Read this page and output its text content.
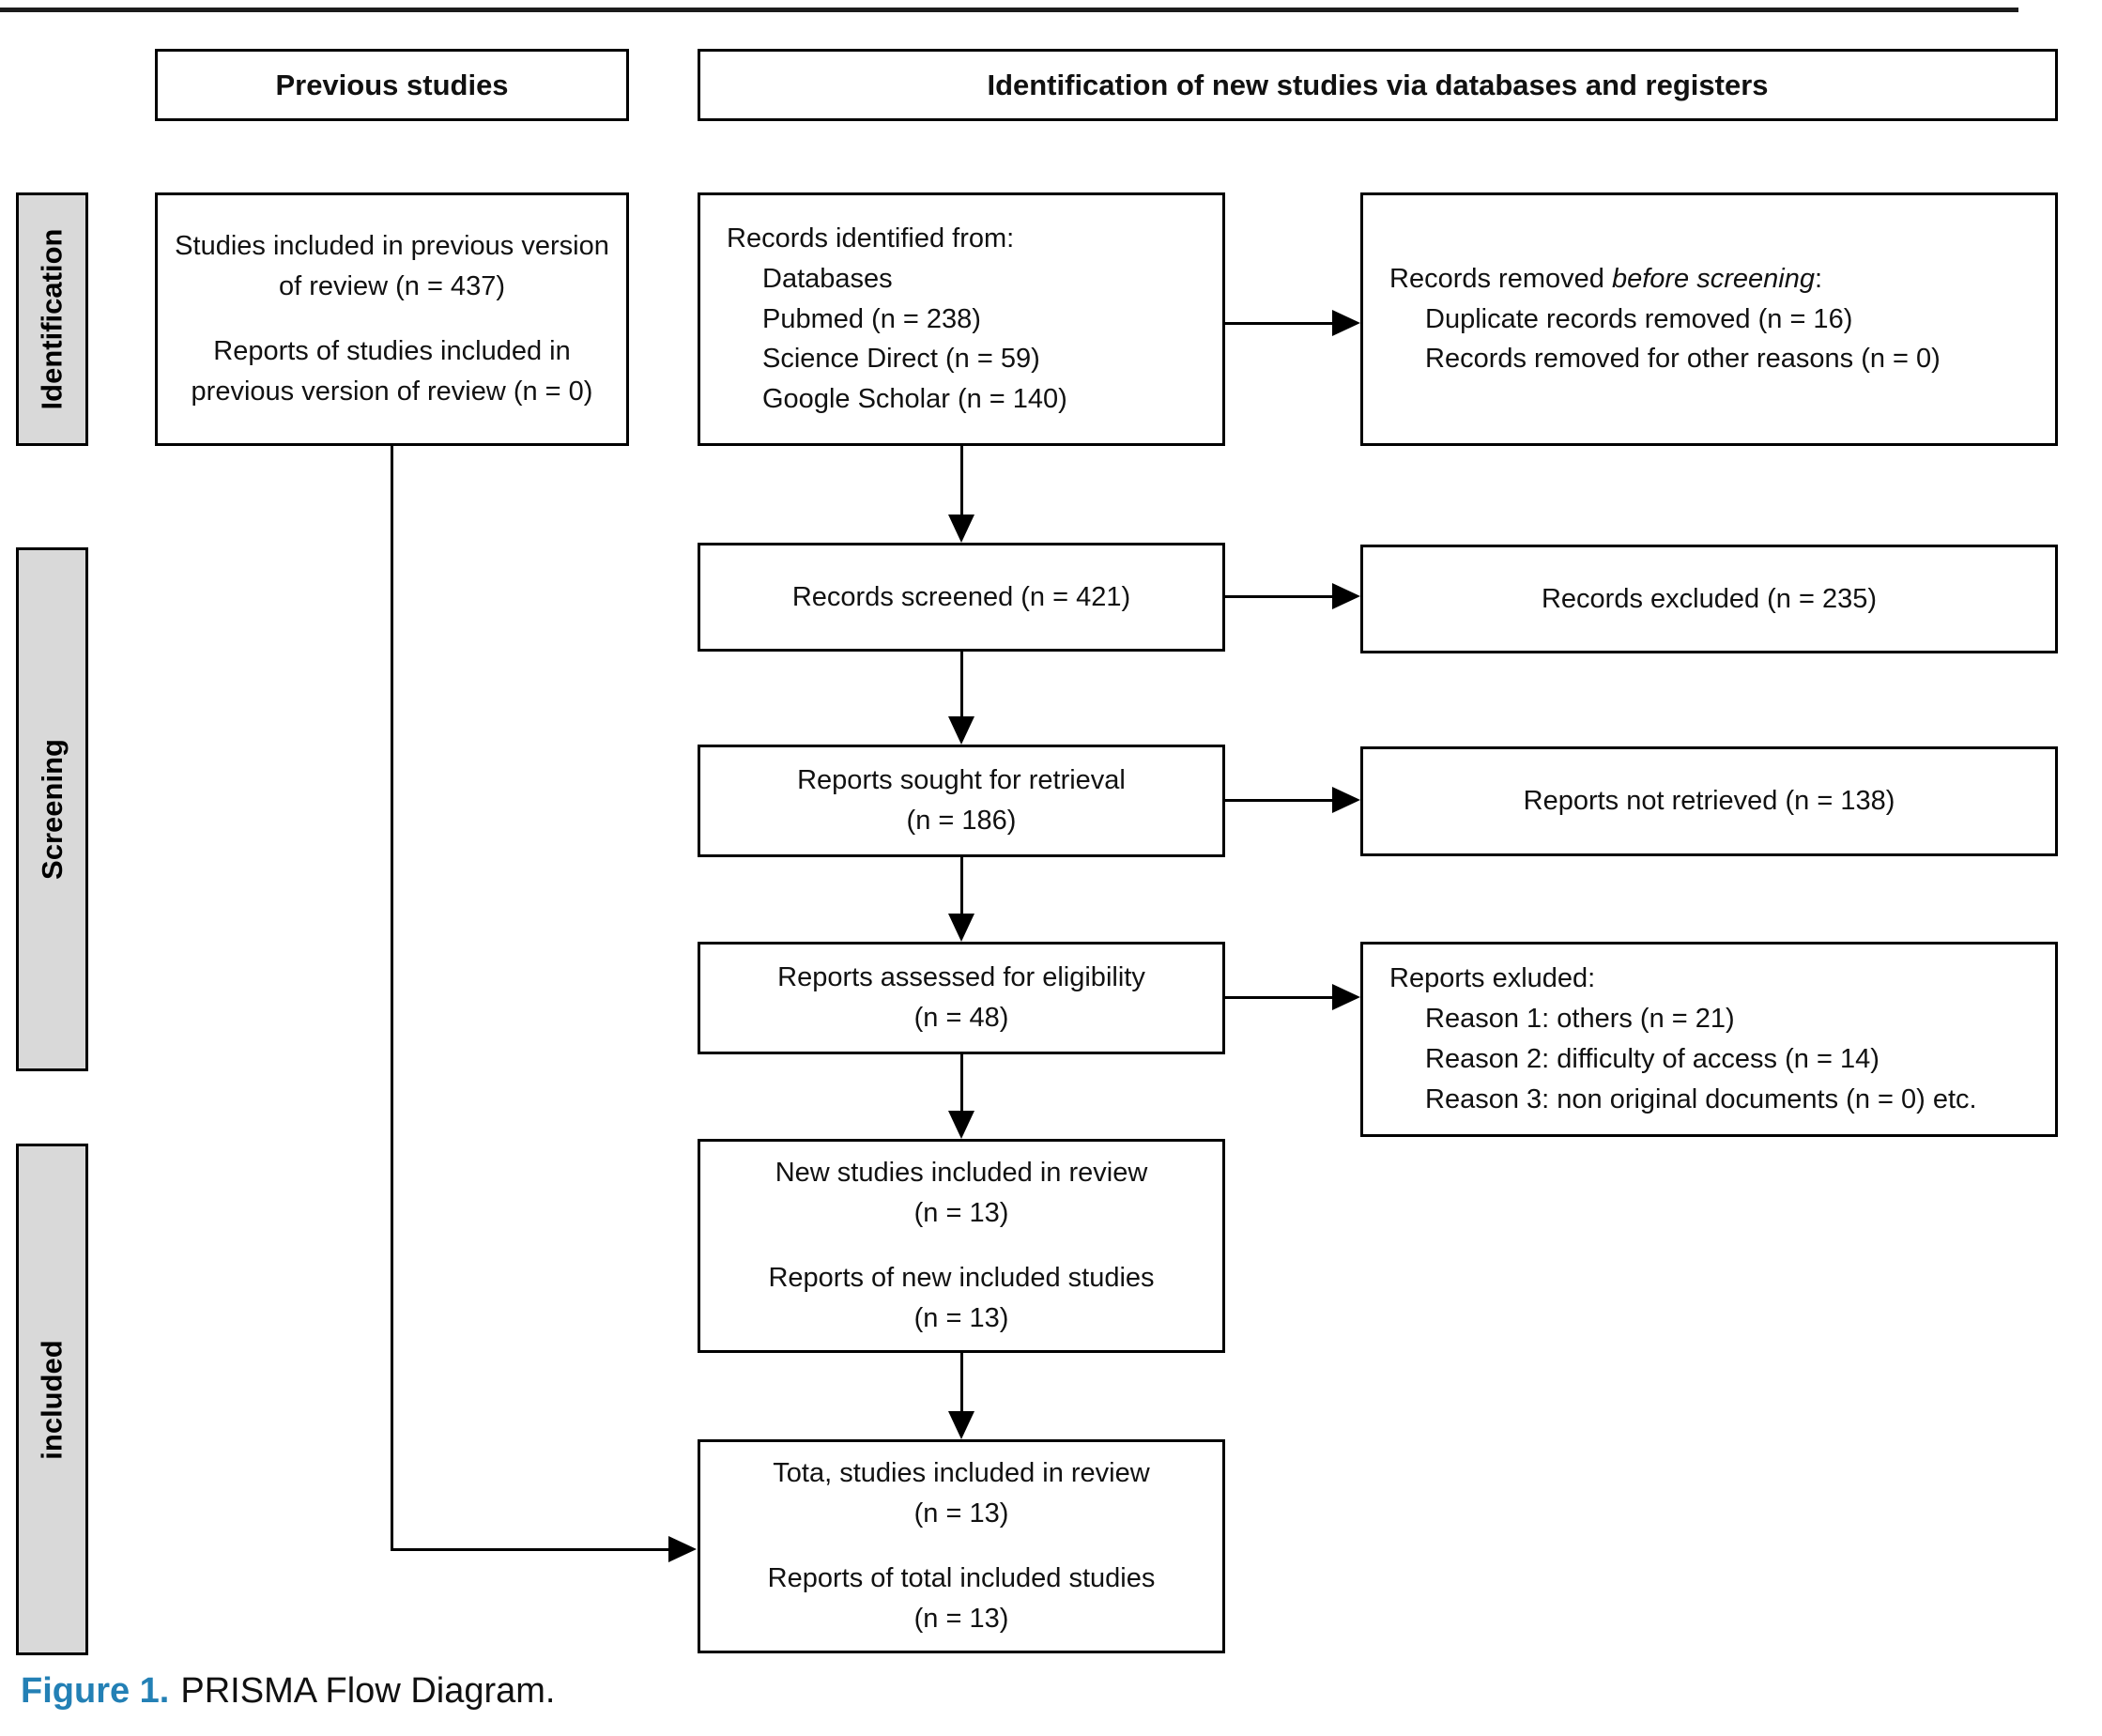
Previous studies	Identification of new studies via databases and registers
Identification
Screening
included
Studies included in previous version of review (n = 437)
Reports of studies included in previous version of review (n = 0)
Records identified from:
Databases
Pubmed (n = 238)
Science Direct (n = 59)
Google Scholar (n = 140)
Records removed before screening:
Duplicate records removed (n = 16)
Records removed for other reasons (n = 0)
Records screened (n = 421)	Records excluded (n = 235)
Reports sought for retrieval
(n = 186)
Reports not retrieved (n = 138)
Reports assessed for eligibility
(n = 48)
Reports exluded:
Reason 1: others (n = 21)
Reason 2: difficulty of access (n = 14)
Reason 3: non original documents (n = 0) etc.
New studies included in review
(n = 13)
Reports of new included studies
(n = 13)
Tota, studies included in review
(n = 13)
Reports of total included studies
(n = 13)
Figure 1. PRISMA Flow Diagram.
